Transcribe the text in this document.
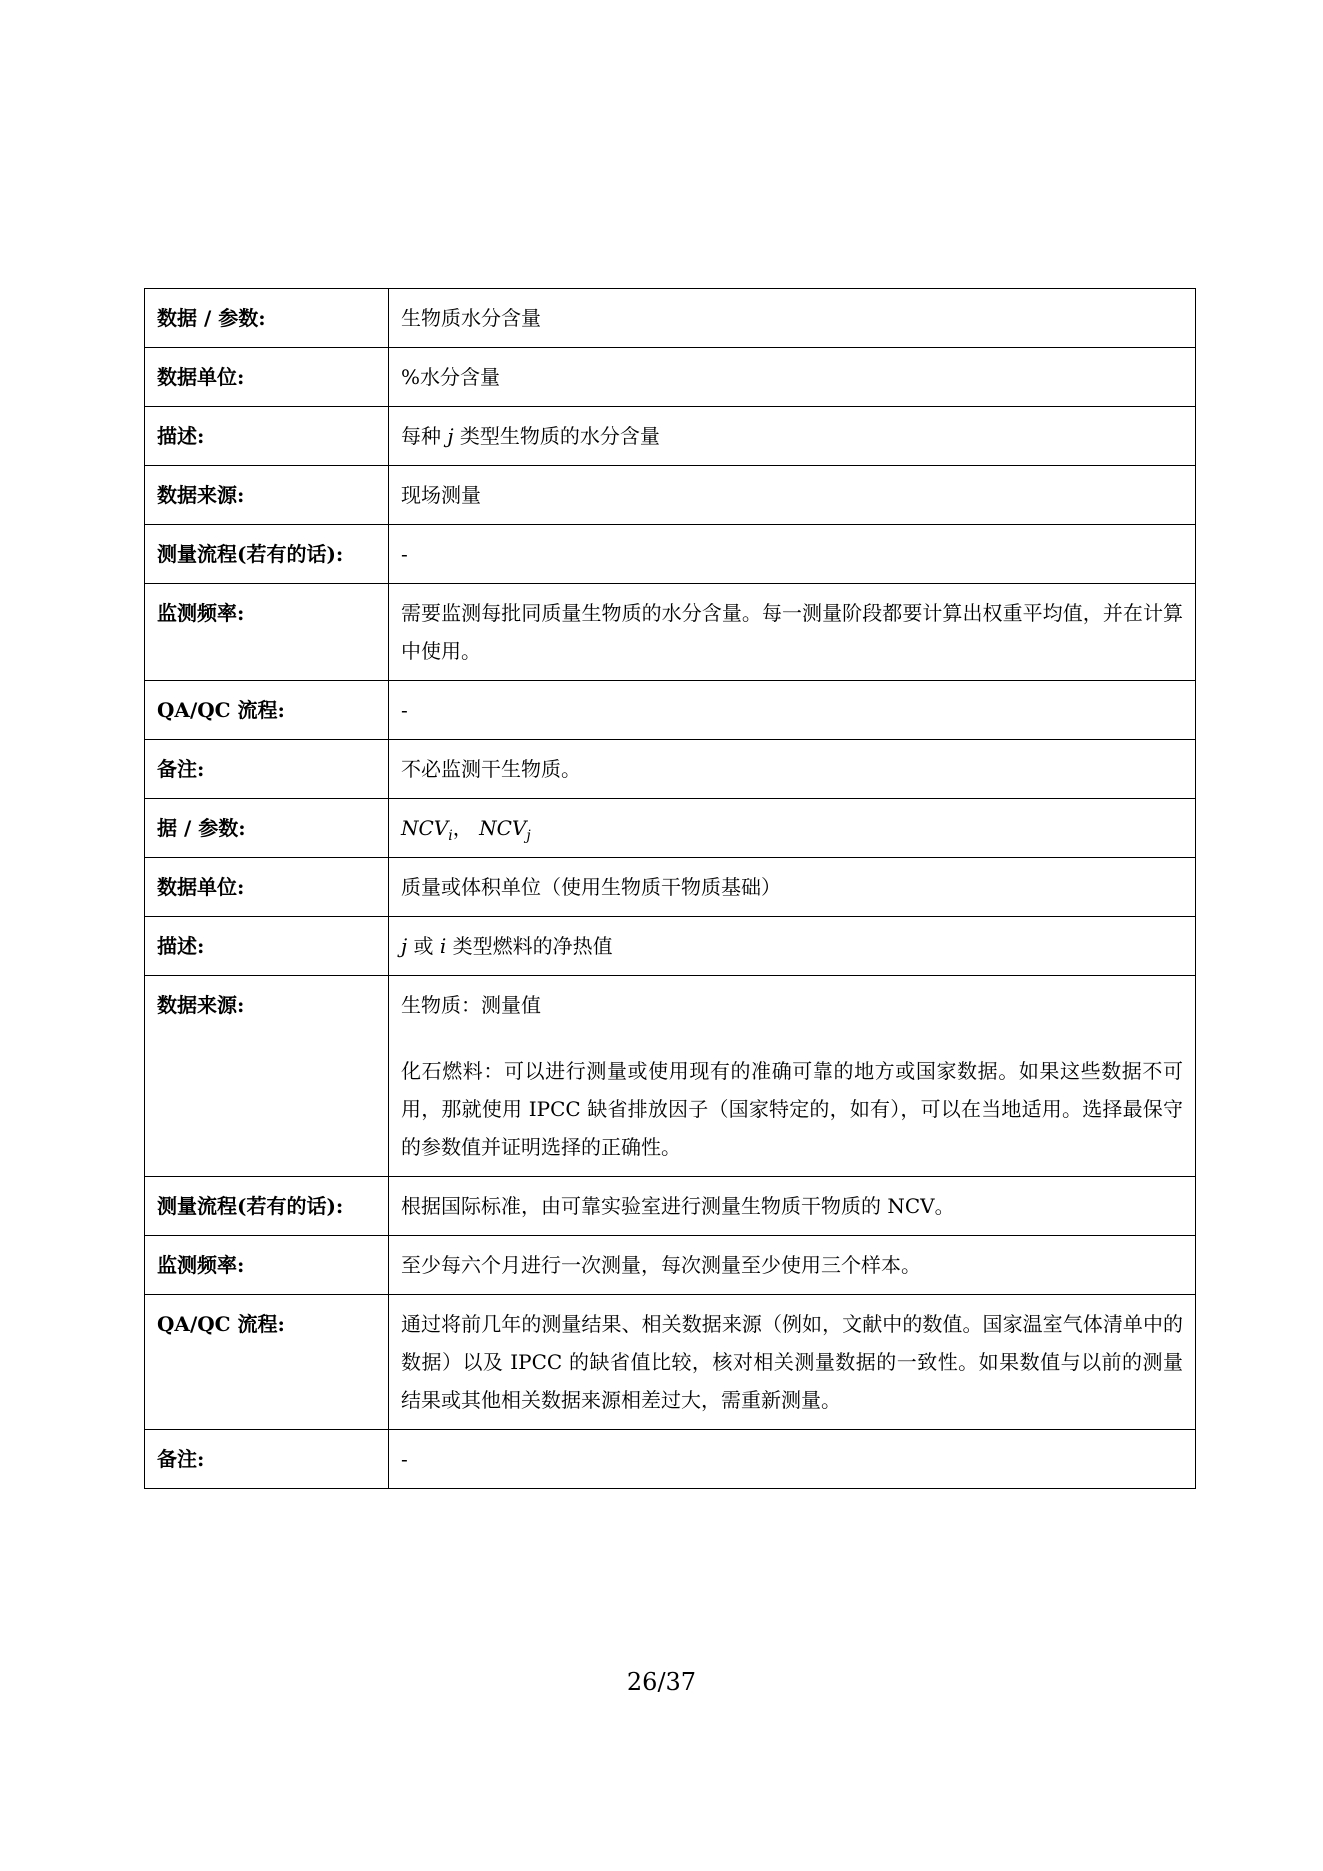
数据 / 参数:	生物质水分含量
数据单位:	%水分含量
描述:	每种 j 类型生物质的水分含量
数据来源:	现场测量
测量流程(若有的话):	-
监测频率:	需要监测每批同质量生物质的水分含量。每一测量阶段都要计算出权重平均值，并在计算中使用。
QA/QC 流程:	-
备注:	不必监测干生物质。
据 / 参数:	$NCV_i$， $NCV_j$
数据单位:	质量或体积单位（使用生物质干物质基础）
描述:	j 或 i 类型燃料的净热值
数据来源:	生物质：测量值

化石燃料：可以进行测量或使用现有的准确可靠的地方或国家数据。如果这些数据不可用，那就使用 IPCC 缺省排放因子（国家特定的，如有），可以在当地适用。选择最保守的参数值并证明选择的正确性。

测量流程(若有的话):	根据国际标准，由可靠实验室进行测量生物质干物质的 NCV。
监测频率:	至少每六个月进行一次测量，每次测量至少使用三个样本。
QA/QC 流程:	通过将前几年的测量结果、相关数据来源（例如，文献中的数值。国家温室气体清单中的数据）以及 IPCC 的缺省值比较，核对相关测量数据的一致性。如果数值与以前的测量结果或其他相关数据来源相差过大，需重新测量。
备注:	-
26/37
